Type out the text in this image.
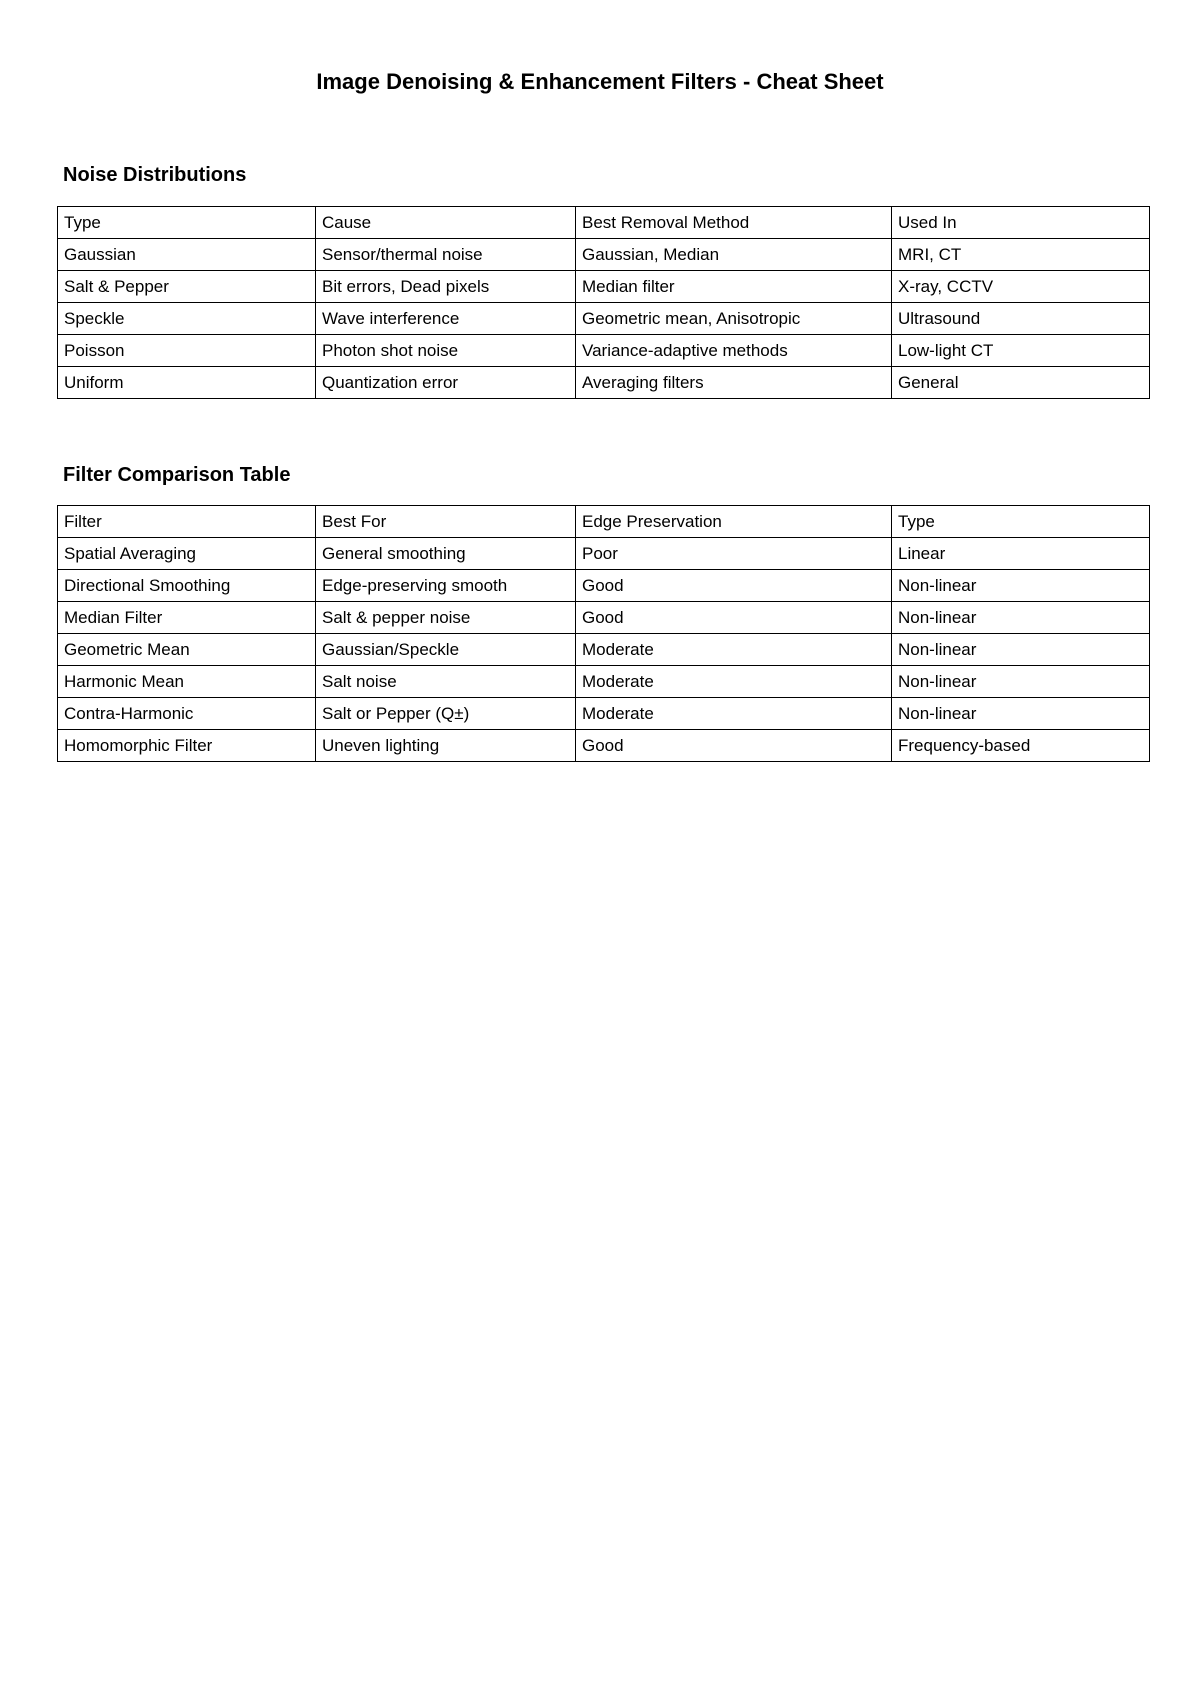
Image Denoising & Enhancement Filters - Cheat Sheet
Noise Distributions
Type	Cause	Best Removal Method	Used In
Gaussian	Sensor/thermal noise	Gaussian, Median	MRI, CT
Salt & Pepper	Bit errors, Dead pixels	Median filter	X-ray, CCTV
Speckle	Wave interference	Geometric mean, Anisotropic	Ultrasound
Poisson	Photon shot noise	Variance-adaptive methods	Low-light CT
Uniform	Quantization error	Averaging filters	General
Filter Comparison Table
Filter	Best For	Edge Preservation	Type
Spatial Averaging	General smoothing	Poor	Linear
Directional Smoothing	Edge-preserving smooth	Good	Non-linear
Median Filter	Salt & pepper noise	Good	Non-linear
Geometric Mean	Gaussian/Speckle	Moderate	Non-linear
Harmonic Mean	Salt noise	Moderate	Non-linear
Contra-Harmonic	Salt or Pepper (Q±)	Moderate	Non-linear
Homomorphic Filter	Uneven lighting	Good	Frequency-based
